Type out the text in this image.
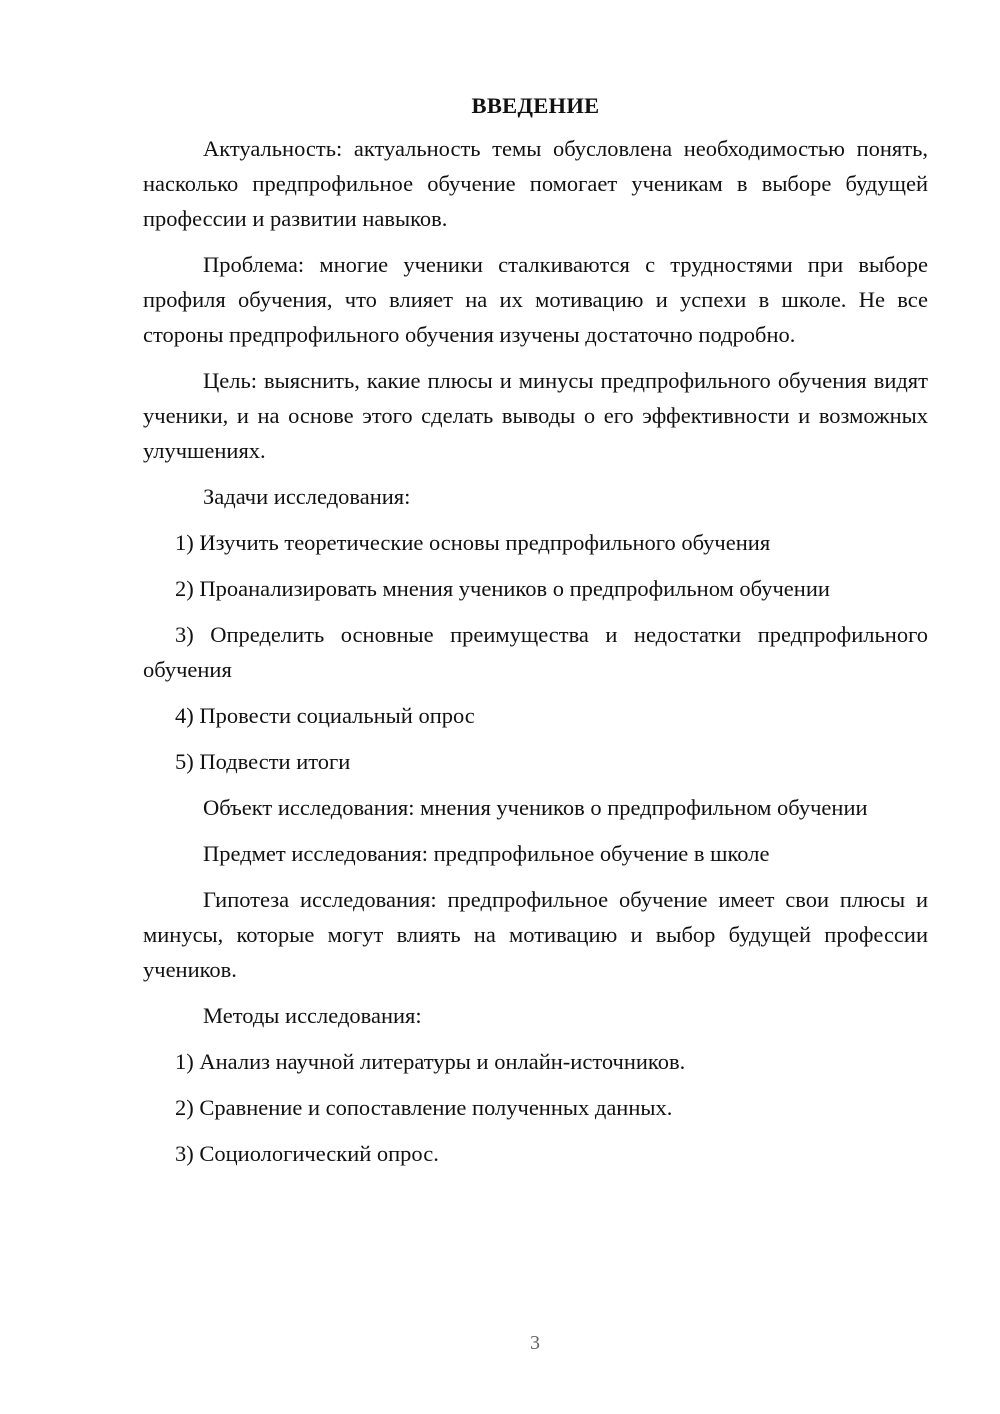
ВВЕДЕНИЕ

Актуальность: актуальность темы обусловлена необходимостью понять, насколько предпрофильное обучение помогает ученикам в выборе будущей профессии и развитии навыков.

Проблема: многие ученики сталкиваются с трудностями при выборе профиля обучения, что влияет на их мотивацию и успехи в школе. Не все стороны предпрофильного обучения изучены достаточно подробно.

Цель: выяснить, какие плюсы и минусы предпрофильного обучения видят ученики, и на основе этого сделать выводы о его эффективности и возможных улучшениях.

Задачи исследования:

1) Изучить теоретические основы предпрофильного обучения

2) Проанализировать мнения учеников о предпрофильном обучении

3) Определить основные преимущества и недостатки предпрофильного обучения

4) Провести социальный опрос

5) Подвести итоги

Объект исследования: мнения учеников о предпрофильном обучении

Предмет исследования: предпрофильное обучение в школе

Гипотеза исследования: предпрофильное обучение имеет свои плюсы и минусы, которые могут влиять на мотивацию и выбор будущей профессии учеников.

Методы исследования:

1) Анализ научной литературы и онлайн-источников.

2) Сравнение и сопоставление полученных данных.

3) Социологический опрос.

3
